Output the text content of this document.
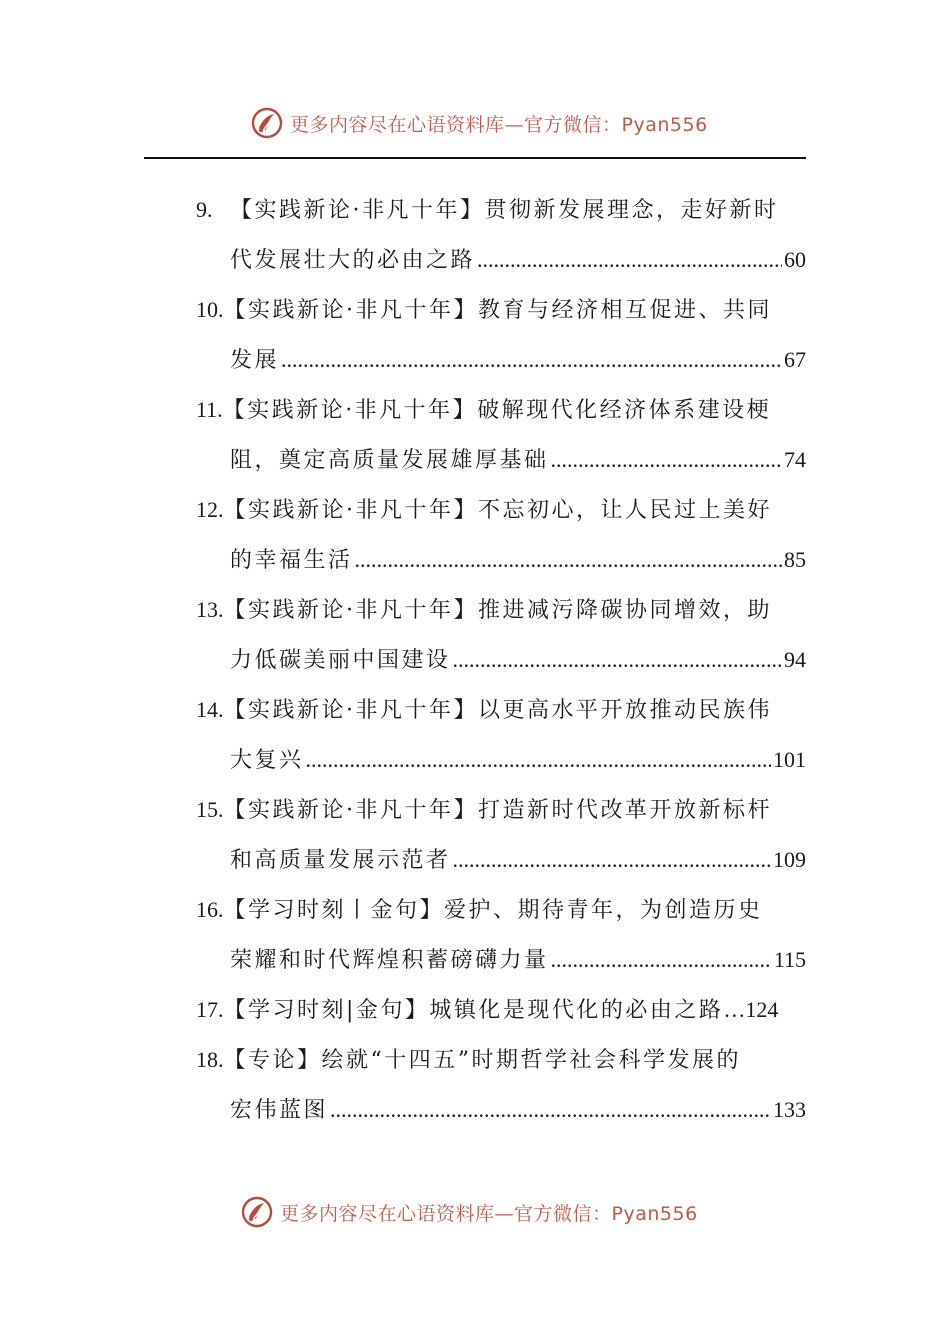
更多内容尽在心语资料库—官方微信：Pyan556
9. 【实践新论·非凡十年】贯彻新发展理念，走好新时
代发展壮大的必由之路 .....	60
10.【实践新论·非凡十年】教育与经济相互促进、共同
发展 .....	67
11.【实践新论·非凡十年】破解现代化经济体系建设梗
阻，奠定高质量发展雄厚基础 .....	74
12.【实践新论·非凡十年】不忘初心，让人民过上美好
的幸福生活 .....	85
13.【实践新论·非凡十年】推进减污降碳协同增效，助
力低碳美丽中国建设 .....	94
14.【实践新论·非凡十年】以更高水平开放推动民族伟
大复兴 .....	101
15.【实践新论·非凡十年】打造新时代改革开放新标杆
和高质量发展示范者 .....	109
16.【学习时刻丨金句】爱护、期待青年，为创造历史
荣耀和时代辉煌积蓄磅礴力量 .....	115
17. 【学习时刻|金句】城镇化是现代化的必由之路 … 124
18.【专论】绘就“十四五”时期哲学社会科学发展的
宏伟蓝图 .....	133
更多内容尽在心语资料库—官方微信：Pyan556
